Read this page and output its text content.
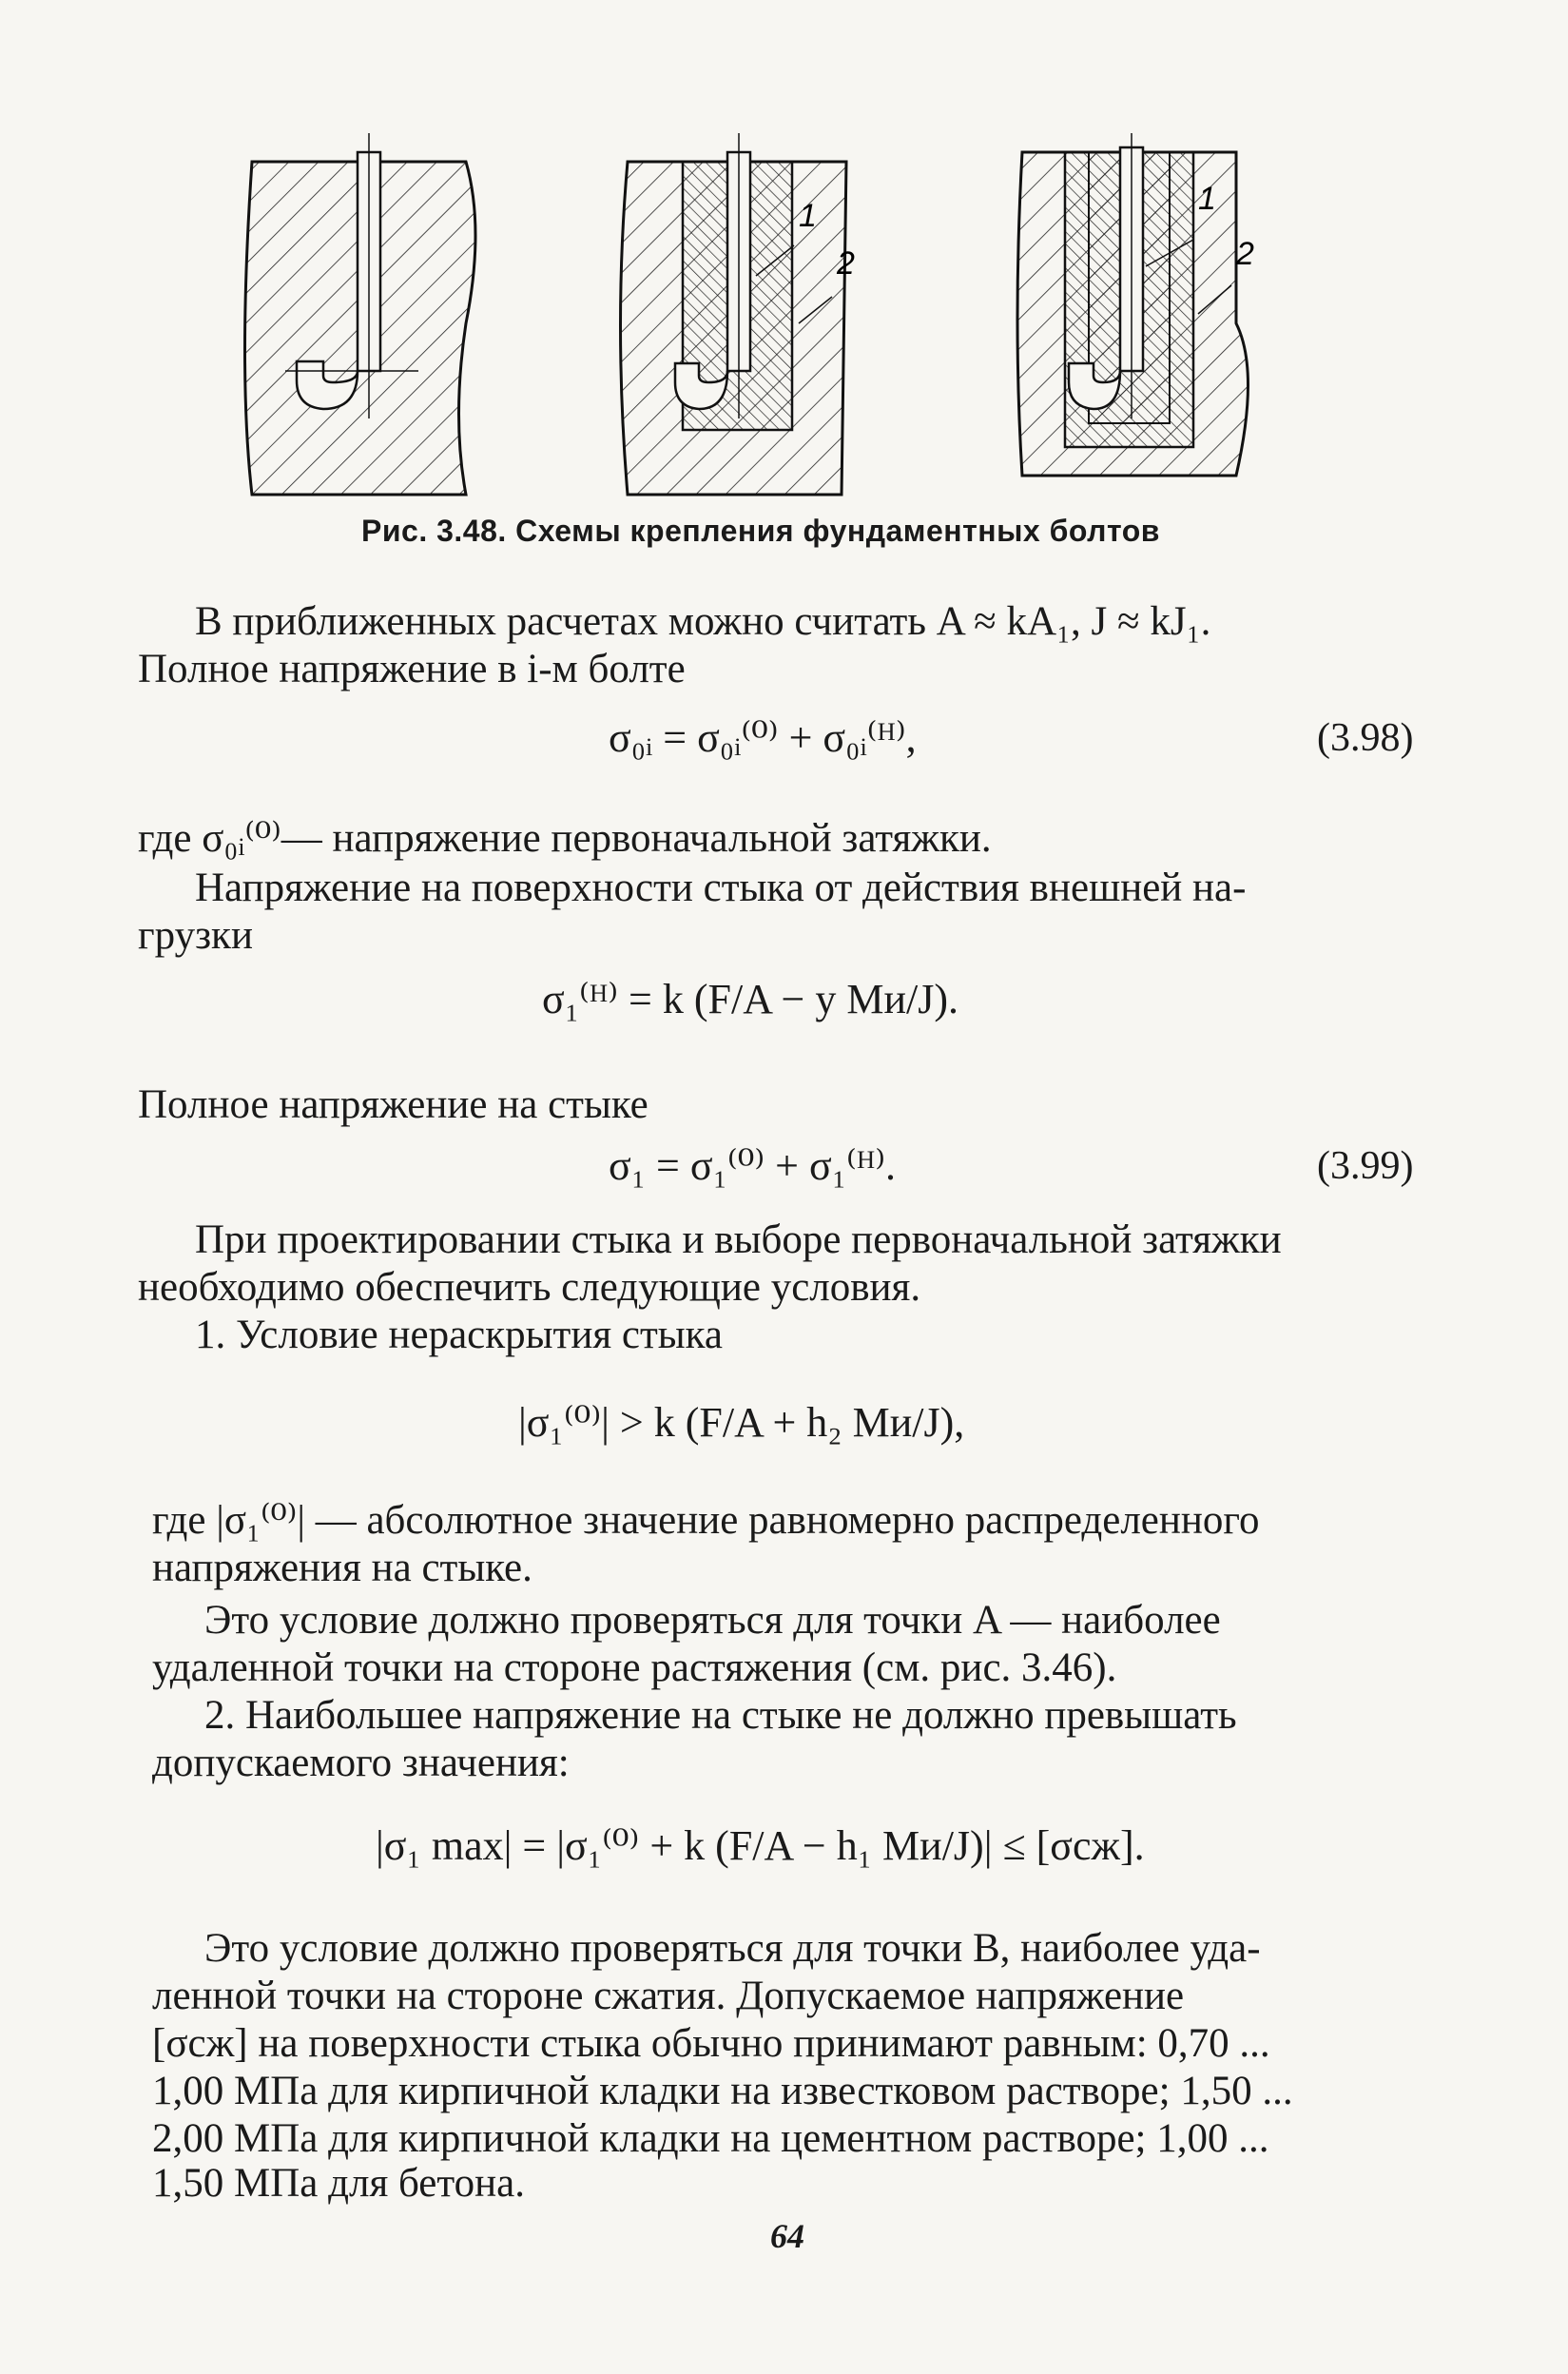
1
2
1
2
Рис. 3.48. Схемы крепления фундаментных болтов
В приближенных расчетах можно считать A ≈ kA₁, J ≈ kJ₁.
Полное напряжение в i-м болте
σ₀ᵢ = σ₀ᵢ⁽⁰⁾ + σ₀ᵢ⁽ᴴ⁾,	(3.98)
где σ₀ᵢ⁽⁰⁾— напряжение первоначальной затяжки.
Напряжение на поверхности стыка от действия внешней на-
грузки
σ₁⁽ᴴ⁾ = k (F/A − y Mи/J).
Полное напряжение на стыке
σ₁ = σ₁⁽⁰⁾ + σ₁⁽ᴴ⁾.	(3.99)
При проектировании стыка и выборе первоначальной затяжки
необходимо обеспечить следующие условия.
1. Условие нераскрытия стыка
|σ₁⁽⁰⁾| > k (F/A + h₂ Mи/J),
где |σ₁⁽⁰⁾| — абсолютное значение равномерно распределенного
напряжения на стыке.
Это условие должно проверяться для точки A — наиболее
удаленной точки на стороне растяжения (см. рис. 3.46).
2. Наибольшее напряжение на стыке не должно превышать
допускаемого значения:
|σ₁ max| = |σ₁⁽⁰⁾ + k (F/A − h₁ Mи/J)| ≤ [σсж].
Это условие должно проверяться для точки B, наиболее уда-
ленной точки на стороне сжатия. Допускаемое напряжение
[σсж] на поверхности стыка обычно принимают равным: 0,70 ...
1,00 МПа для кирпичной кладки на известковом растворе; 1,50 ...
2,00 МПа для кирпичной кладки на цементном растворе; 1,00 ...
1,50 МПа для бетона.
64
